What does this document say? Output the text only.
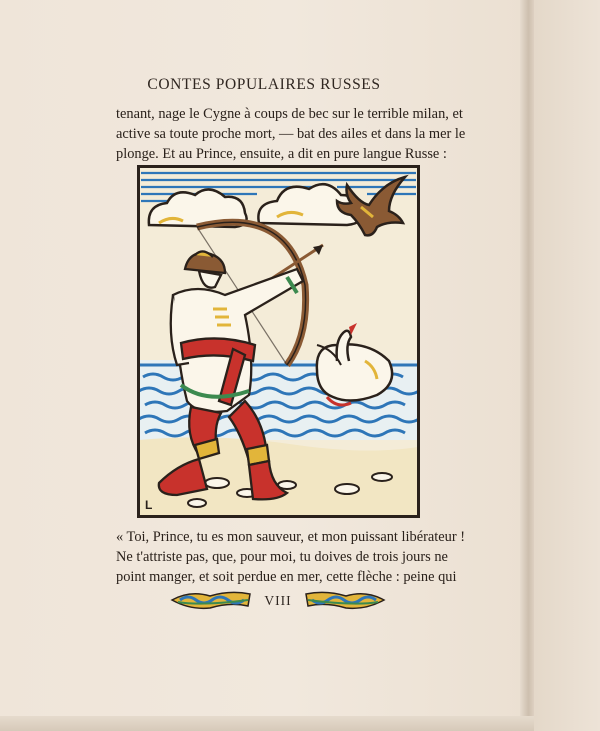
CONTES POPULAIRES RUSSES

tenant, nage le Cygne à coups de bec sur le terrible milan, et
active sa toute proche mort, — bat des ailes et dans la mer le
plonge. Et au Prince, ensuite, a dit en pure langue Russe :

L

« Toi, Prince, tu es mon sauveur, et mon puissant libérateur !
Ne t'attriste pas, que, pour moi, tu doives de trois jours ne
point manger, et soit perdue en mer, cette flèche : peine qui

VIII
